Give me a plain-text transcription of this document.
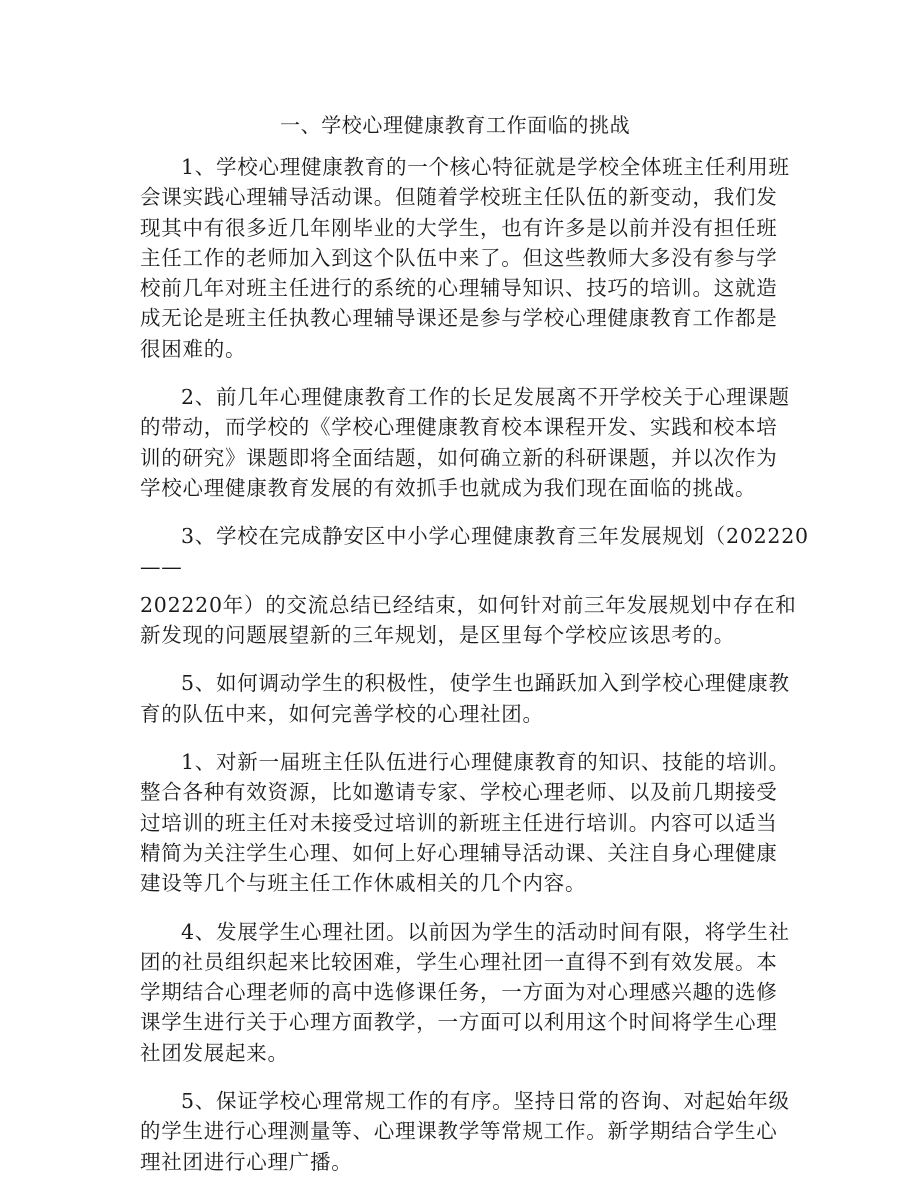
一、学校心理健康教育工作面临的挑战
1、学校心理健康教育的一个核心特征就是学校全体班主任利用班
会课实践心理辅导活动课。但随着学校班主任队伍的新变动，我们发
现其中有很多近几年刚毕业的大学生，也有许多是以前并没有担任班
主任工作的老师加入到这个队伍中来了。但这些教师大多没有参与学
校前几年对班主任进行的系统的心理辅导知识、技巧的培训。这就造
成无论是班主任执教心理辅导课还是参与学校心理健康教育工作都是
很困难的。
2、前几年心理健康教育工作的长足发展离不开学校关于心理课题
的带动，而学校的《学校心理健康教育校本课程开发、实践和校本培
训的研究》课题即将全面结题，如何确立新的科研课题，并以次作为
学校心理健康教育发展的有效抓手也就成为我们现在面临的挑战。
3、学校在完成静安区中小学心理健康教育三年发展规划（202220
——
202220年）的交流总结已经结束，如何针对前三年发展规划中存在和
新发现的问题展望新的三年规划，是区里每个学校应该思考的。
5、如何调动学生的积极性，使学生也踊跃加入到学校心理健康教
育的队伍中来，如何完善学校的心理社团。
1、对新一届班主任队伍进行心理健康教育的知识、技能的培训。
整合各种有效资源，比如邀请专家、学校心理老师、以及前几期接受
过培训的班主任对未接受过培训的新班主任进行培训。内容可以适当
精简为关注学生心理、如何上好心理辅导活动课、关注自身心理健康
建设等几个与班主任工作休戚相关的几个内容。
4、发展学生心理社团。以前因为学生的活动时间有限，将学生社
团的社员组织起来比较困难，学生心理社团一直得不到有效发展。本
学期结合心理老师的高中选修课任务，一方面为对心理感兴趣的选修
课学生进行关于心理方面教学，一方面可以利用这个时间将学生心理
社团发展起来。
5、保证学校心理常规工作的有序。坚持日常的咨询、对起始年级
的学生进行心理测量等、心理课教学等常规工作。新学期结合学生心
理社团进行心理广播。
